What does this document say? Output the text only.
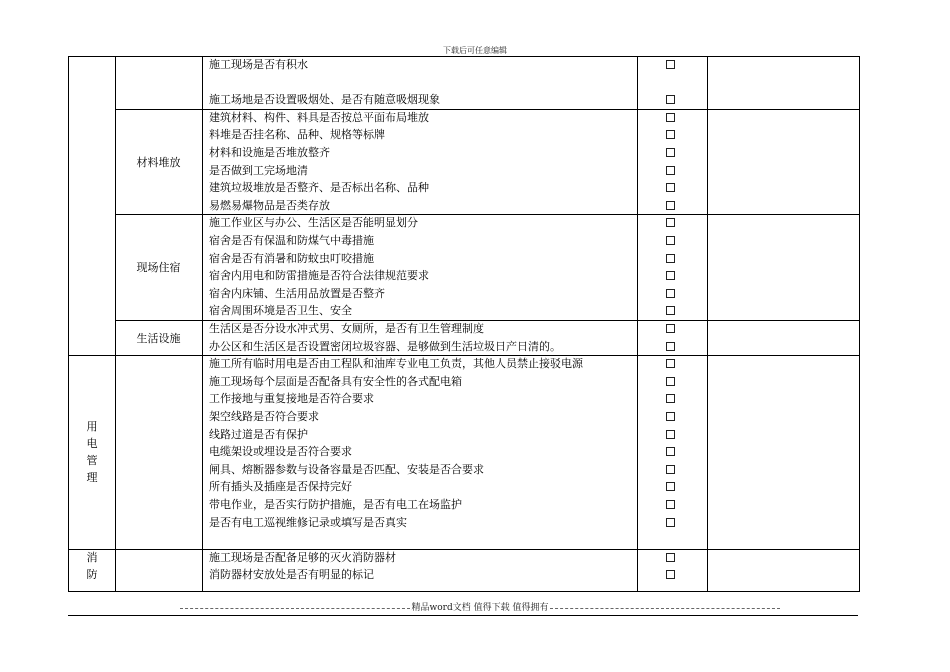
下载后可任意编辑
施工现场是否有积水
施工场地是否设置吸烟处、是否有随意吸烟现象
建筑材料、构件、料具是否按总平面布局堆放
料堆是否挂名称、品种、规格等标牌
材料和设施是否堆放整齐
是否做到工完场地清
建筑垃圾堆放是否整齐、是否标出名称、品种
易燃易爆物品是否类存放
施工作业区与办公、生活区是否能明显划分
宿舍是否有保温和防煤气中毒措施
宿舍是否有消暑和防蚊虫叮咬措施
宿舍内用电和防雷措施是否符合法律规范要求
宿舍内床铺、生活用品放置是否整齐
宿舍周围环境是否卫生、安全
生活区是否分设水冲式男、女厕所，是否有卫生管理制度
办公区和生活区是否设置密闭垃圾容器、是够做到生活垃圾日产日清的。
施工所有临时用电是否由工程队和油库专业电工负责，其他人员禁止接驳电源
施工现场每个层面是否配备具有安全性的各式配电箱
工作接地与重复接地是否符合要求
架空线路是否符合要求
线路过道是否有保护
电缆架设或埋设是否符合要求
闸具、熔断器参数与设备容量是否匹配、安装是否合要求
所有插头及插座是否保持完好
带电作业，是否实行防护措施，是否有电工在场监护
是否有电工巡视维修记录或填写是否真实
施工现场是否配备足够的灭火消防器材
消防器材安放处是否有明显的标记
材料堆放
现场住宿
生活设施
用
电
管
理
消
防
精品word文档 值得下载 值得拥有
